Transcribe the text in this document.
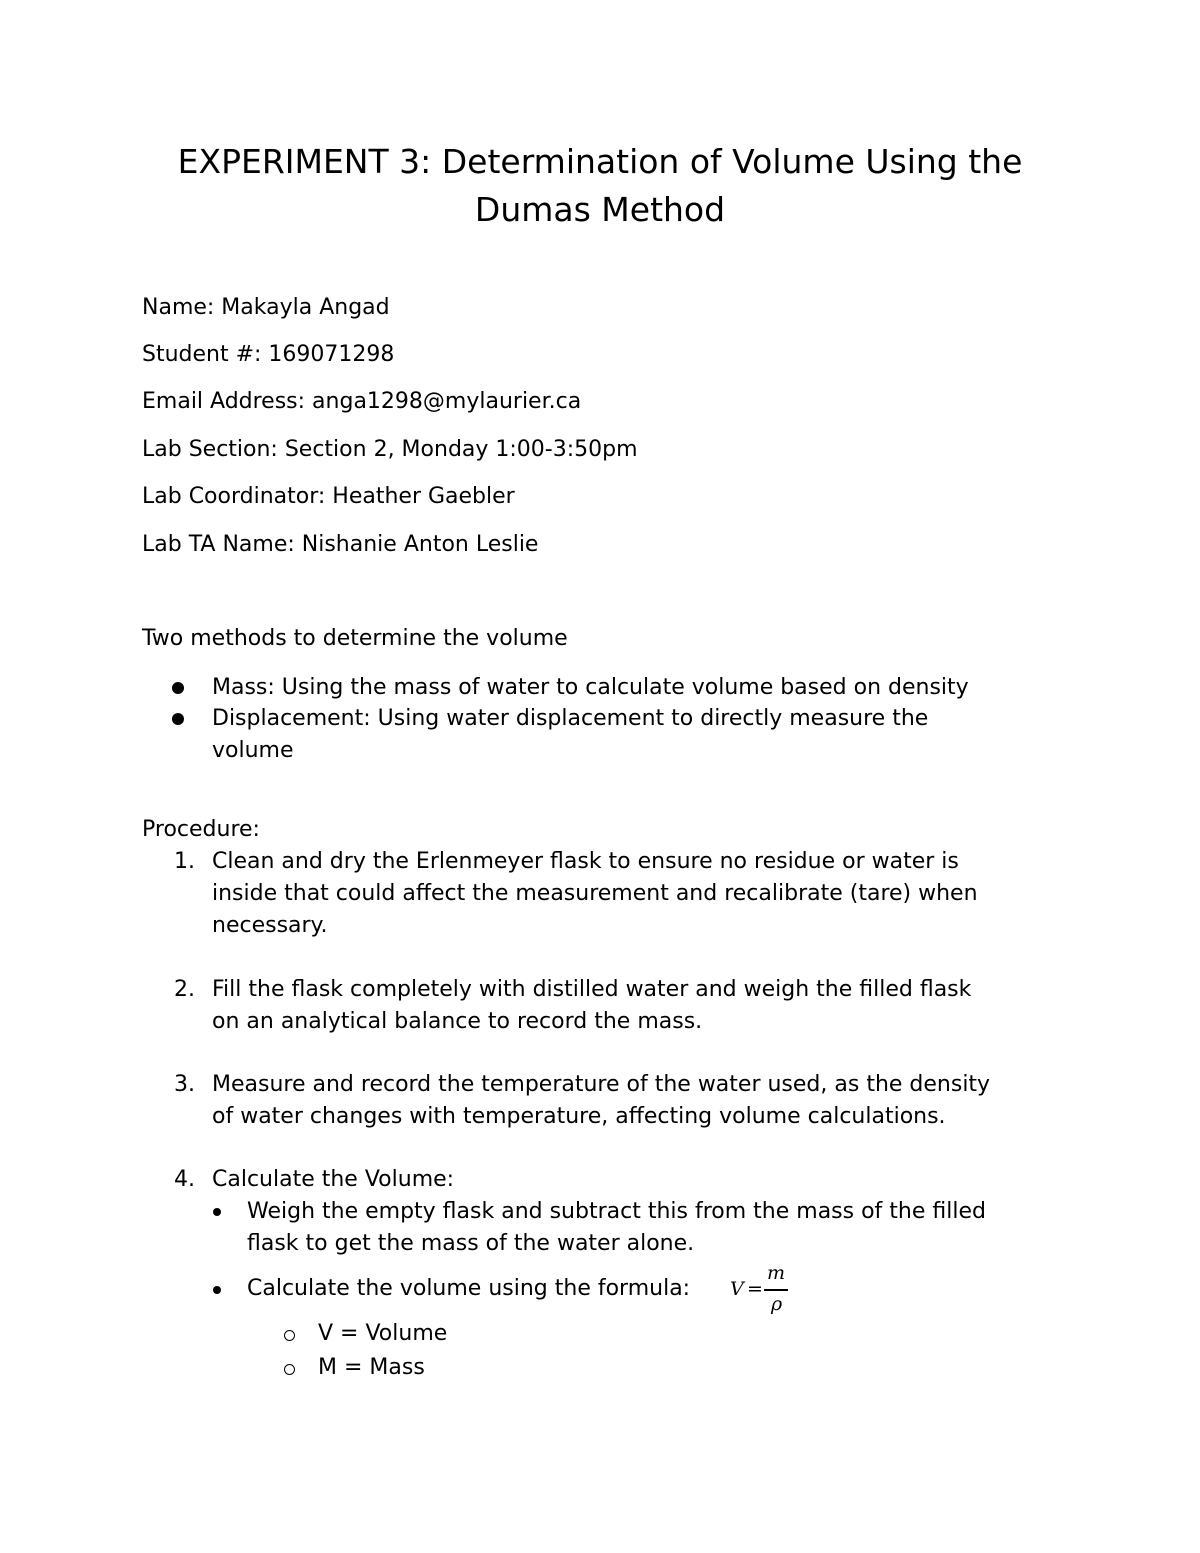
EXPERIMENT 3: Determination of Volume Using the
Dumas Method
Name: Makayla Angad
Student #: 169071298
Email Address: anga1298@mylaurier.ca
Lab Section: Section 2, Monday 1:00-3:50pm
Lab Coordinator: Heather Gaebler
Lab TA Name: Nishanie Anton Leslie
Two methods to determine the volume
Mass: Using the mass of water to calculate volume based on density
Displacement: Using water displacement to directly measure the
volume
Procedure:
1. Clean and dry the Erlenmeyer flask to ensure no residue or water is
inside that could affect the measurement and recalibrate (tare) when
necessary.
2. Fill the flask completely with distilled water and weigh the filled flask
on an analytical balance to record the mass.
3. Measure and record the temperature of the water used, as the density
of water changes with temperature, affecting volume calculations.
4. Calculate the Volume:
Weigh the empty flask and subtract this from the mass of the filled
flask to get the mass of the water alone.
Calculate the volume using the formula: V =
m
ρ
V = Volume
M = Mass
